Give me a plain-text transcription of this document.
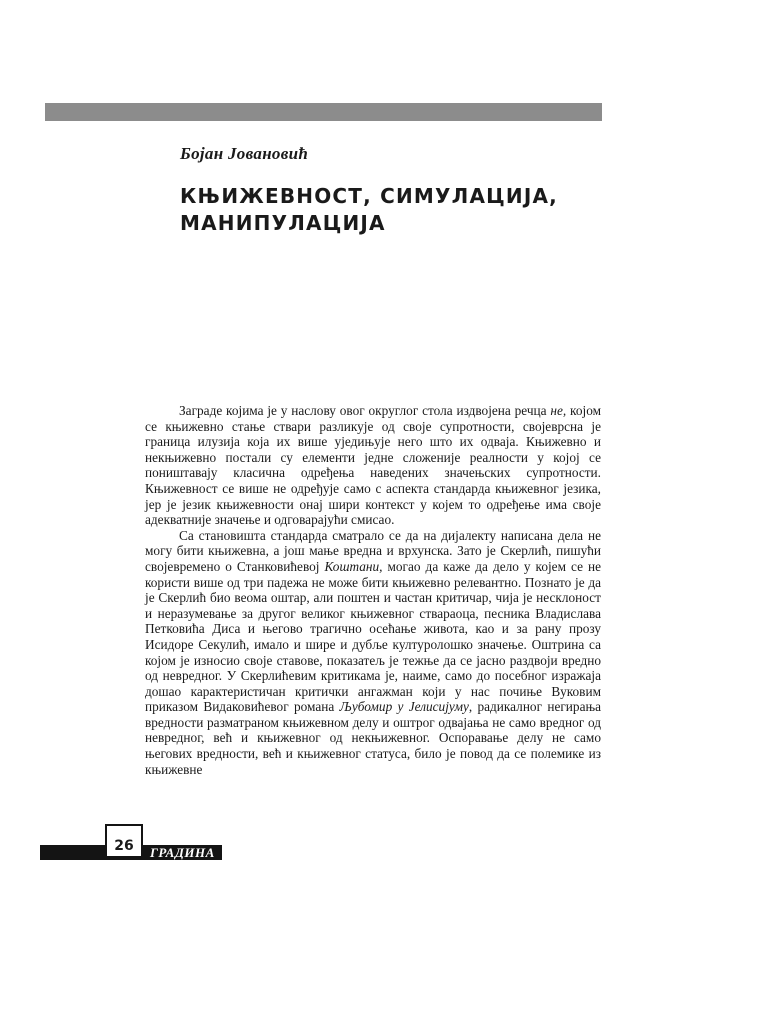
Бојан Јовановић
КЊИЖЕВНОСТ, СИМУЛАЦИЈА,
МАНИПУЛАЦИЈА

Заграде којима је у наслову овог округлог стола издвојена речца не, којом се књижевно стање ствари разликује од своје супротности, својеврсна је граница илузија која их више уједињује него што их одваја. Књижевно и некњижевно постали су елементи једне сложеније реалности у којој се поништавају класична одређења наведених значењских супротности. Књижевност се више не одређује само с аспекта стандарда књижевног језика, јер је језик књижевности онај шири контекст у којем то одређење има своје адекватније значење и одговарајући смисао.

Са становишта стандарда сматрало се да на дијалекту написана дела не могу бити књижевна, а још мање вредна и врхунска. Зато је Скерлић, пишући својевремено о Станковићевој Коштани, могао да каже да дело у којем се не користи више од три падежа не може бити књижевно релевантно. Познато је да је Скерлић био веома оштар, али поштен и частан критичар, чија је несклоност и неразумевање за другог великог књижевног ствараоца, песника Владислава Петковића Диса и његово трагично осећање живота, као и за рану прозу Исидоре Секулић, имало и шире и дубље културолошко значење. Оштрина са којом је износио своје ставове, показатељ је тежње да се јасно раздвоји вредно од невредног. У Скерлићевим критикама је, наиме, само до посебног изражаја дошао карактеристичан критички ангажман који у нас почиње Вуковим приказом Видаковићевог романа Љубомир у Јелисијуму, радикалног негирања вредности разматраном књижевном делу и оштрог одвајања не само вредног од невредног, већ и књижевног од некњижевног. Оспоравање делу не само његових вредности, већ и књижевног статуса, било је повод да се полемике из књижевне

26	ГРАДИНА
